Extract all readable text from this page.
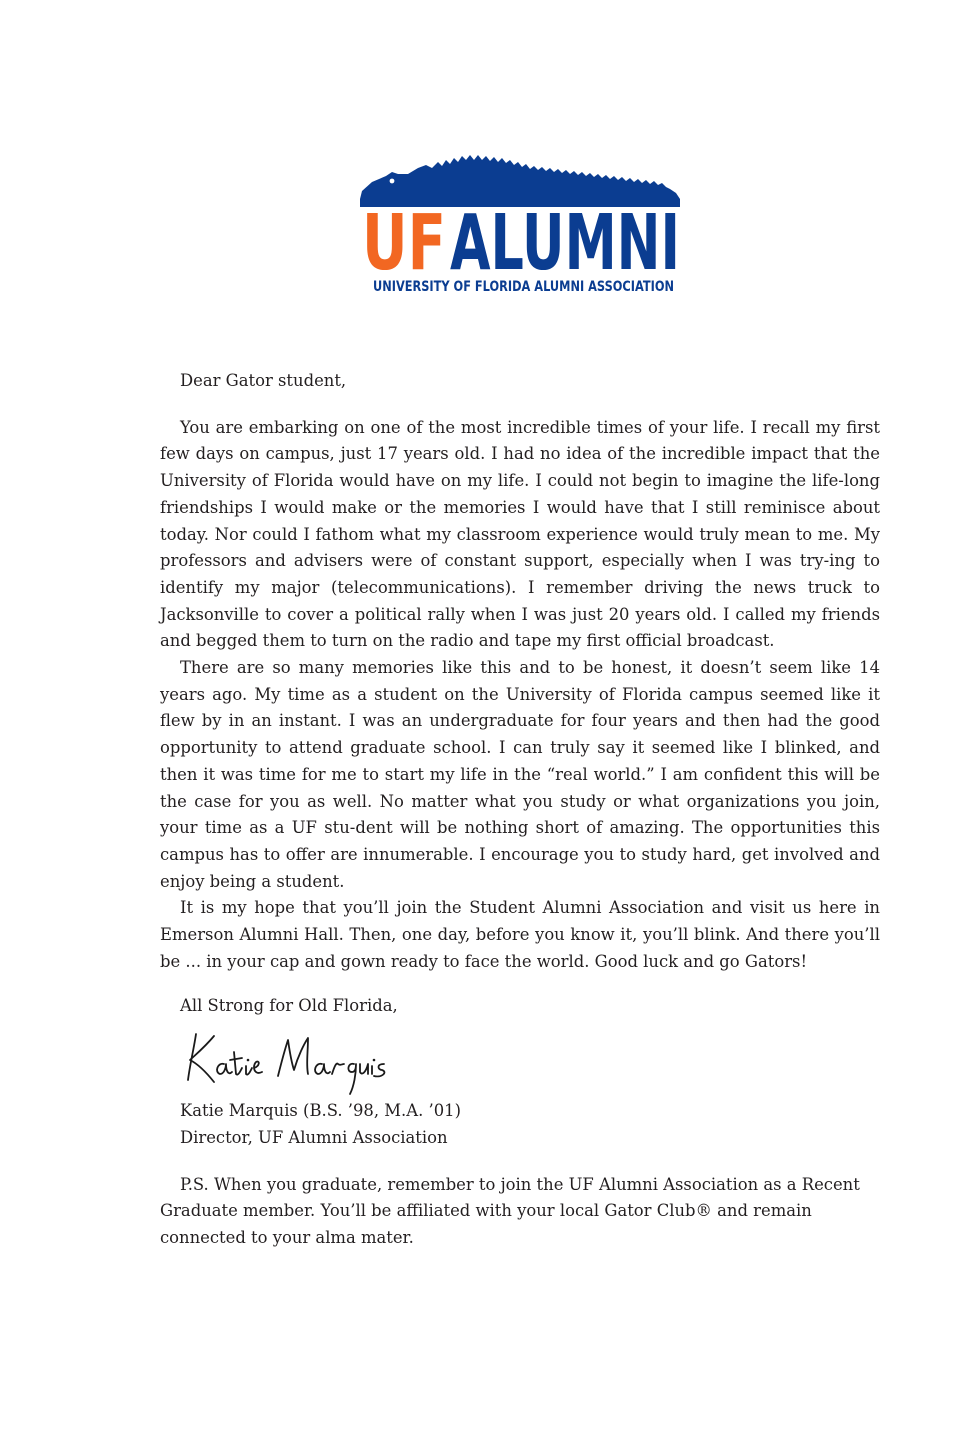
UF ALUMNI
UNIVERSITY OF FLORIDA ALUMNI ASSOCIATION

Dear Gator student,

You are embarking on one of the most incredible times of your life. I recall my first few days on campus, just 17 years old. I had no idea of the incredible impact that the University of Florida would have on my life. I could not begin to imagine the life-long friendships I would make or the memories I would have that I still reminisce about today. Nor could I fathom what my classroom experience would truly mean to me. My professors and advisers were of constant support, especially when I was try-ing to identify my major (telecommunications). I remember driving the news truck to Jacksonville to cover a political rally when I was just 20 years old. I called my friends and begged them to turn on the radio and tape my first official broadcast.

There are so many memories like this and to be honest, it doesn’t seem like 14 years ago. My time as a student on the University of Florida campus seemed like it flew by in an instant. I was an undergraduate for four years and then had the good opportunity to attend graduate school. I can truly say it seemed like I blinked, and then it was time for me to start my life in the “real world.” I am confident this will be the case for you as well. No matter what you study or what organizations you join, your time as a UF stu-dent will be nothing short of amazing. The opportunities this campus has to offer are innumerable. I encourage you to study hard, get involved and enjoy being a student.

It is my hope that you’ll join the Student Alumni Association and visit us here in Emerson Alumni Hall. Then, one day, before you know it, you’ll blink. And there you’ll be ... in your cap and gown ready to face the world. Good luck and go Gators!

All Strong for Old Florida,

Katie Marquis (B.S. ’98, M.A. ’01)

Director, UF Alumni Association

P.S. When you graduate, remember to join the UF Alumni Association as a Recent Graduate member. You’ll be affiliated with your local Gator Club® and remain connected to your alma mater.
